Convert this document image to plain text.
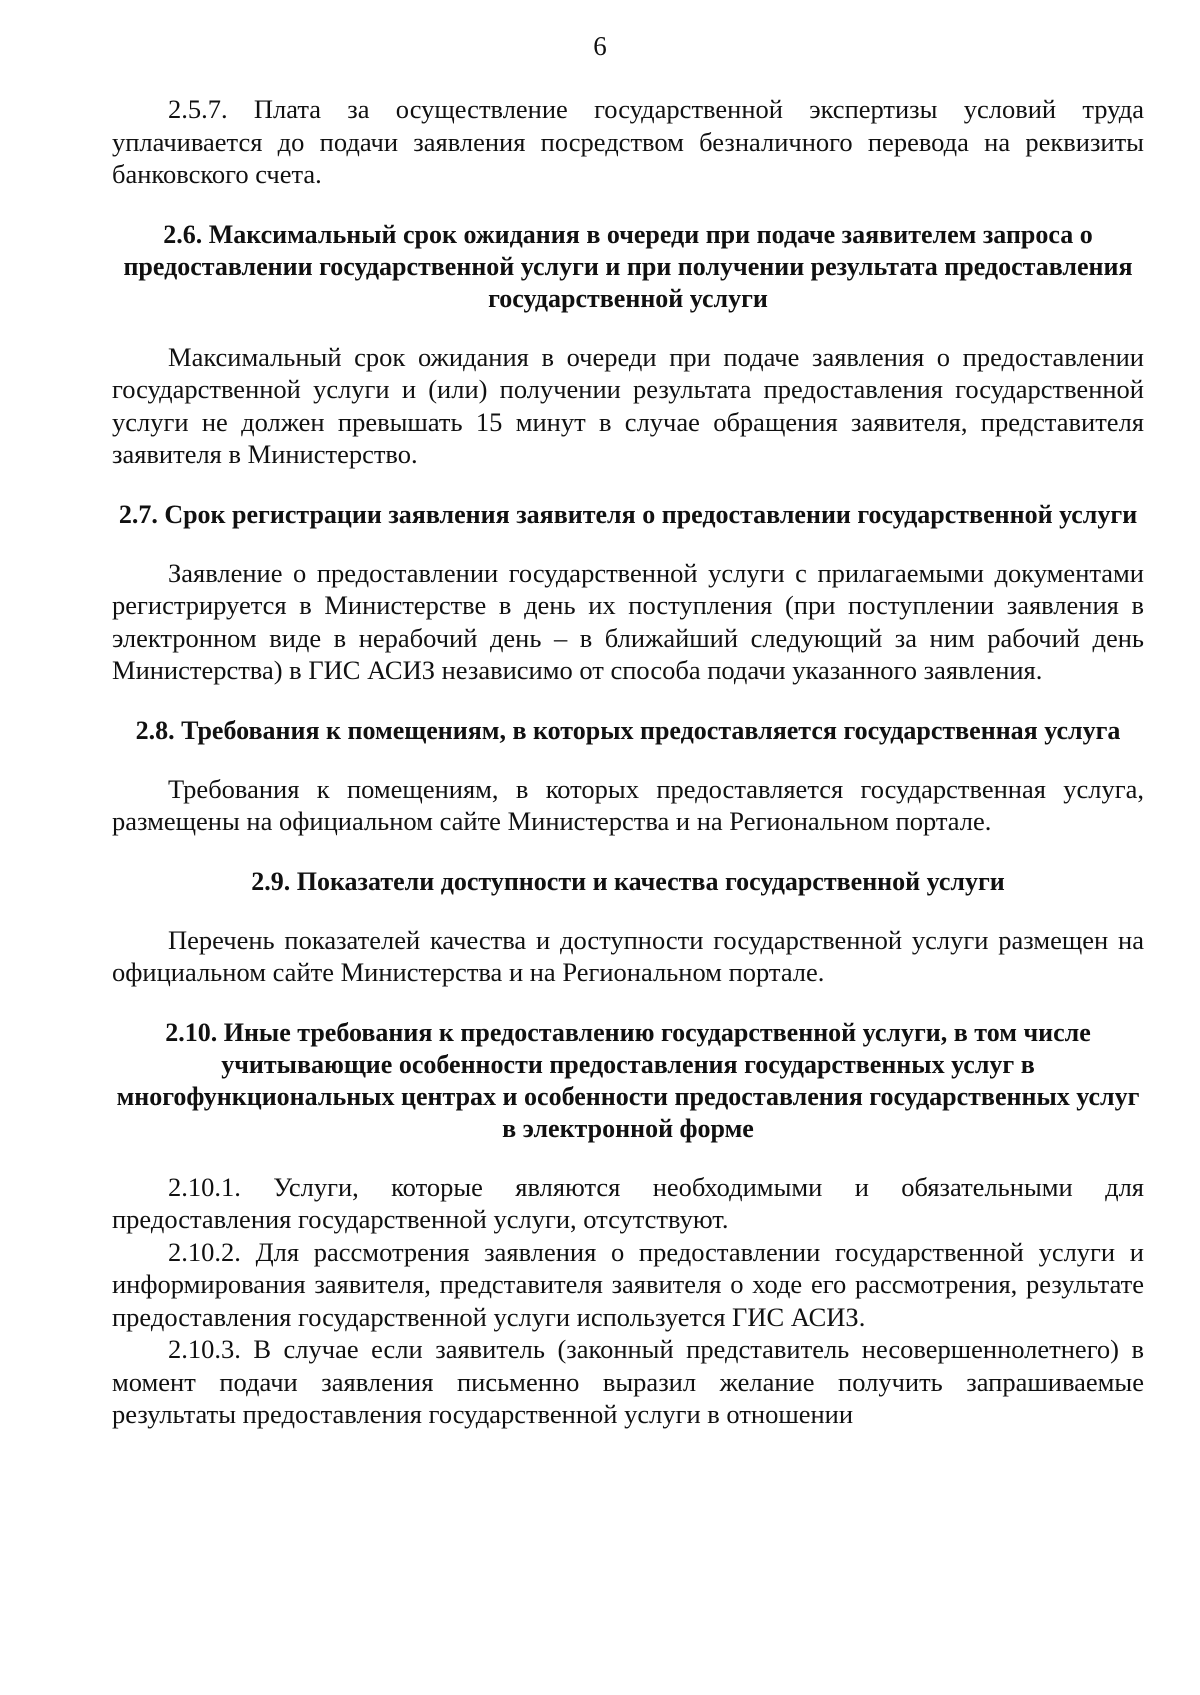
6

2.5.7. Плата за осуществление государственной экспертизы условий труда уплачивается до подачи заявления посредством безналичного перевода на реквизиты банковского счета.

2.6. Максимальный срок ожидания в очереди при подаче заявителем запроса о предоставлении государственной услуги и при получении результата предоставления государственной услуги

Максимальный срок ожидания в очереди при подаче заявления о предоставлении государственной услуги и (или) получении результата предоставления государственной услуги не должен превышать 15 минут в случае обращения заявителя, представителя заявителя в Министерство.

2.7. Срок регистрации заявления заявителя о предоставлении государственной услуги

Заявление о предоставлении государственной услуги с прилагаемыми документами регистрируется в Министерстве в день их поступления (при поступлении заявления в электронном виде в нерабочий день – в ближайший следующий за ним рабочий день Министерства) в ГИС АСИЗ независимо от способа подачи указанного заявления.

2.8. Требования к помещениям, в которых предоставляется государственная услуга

Требования к помещениям, в которых предоставляется государственная услуга, размещены на официальном сайте Министерства и на Региональном портале.

2.9. Показатели доступности и качества государственной услуги

Перечень показателей качества и доступности государственной услуги размещен на официальном сайте Министерства и на Региональном портале.

2.10. Иные требования к предоставлению государственной услуги, в том числе учитывающие особенности предоставления государственных услуг в многофункциональных центрах и особенности предоставления государственных услуг в электронной форме

2.10.1. Услуги, которые являются необходимыми и обязательными для предоставления государственной услуги, отсутствуют.

2.10.2. Для рассмотрения заявления о предоставлении государственной услуги и информирования заявителя, представителя заявителя о ходе его рассмотрения, результате предоставления государственной услуги используется ГИС АСИЗ.

2.10.3. В случае если заявитель (законный представитель несовершеннолетнего) в момент подачи заявления письменно выразил желание получить запрашиваемые результаты предоставления государственной услуги в отношении
